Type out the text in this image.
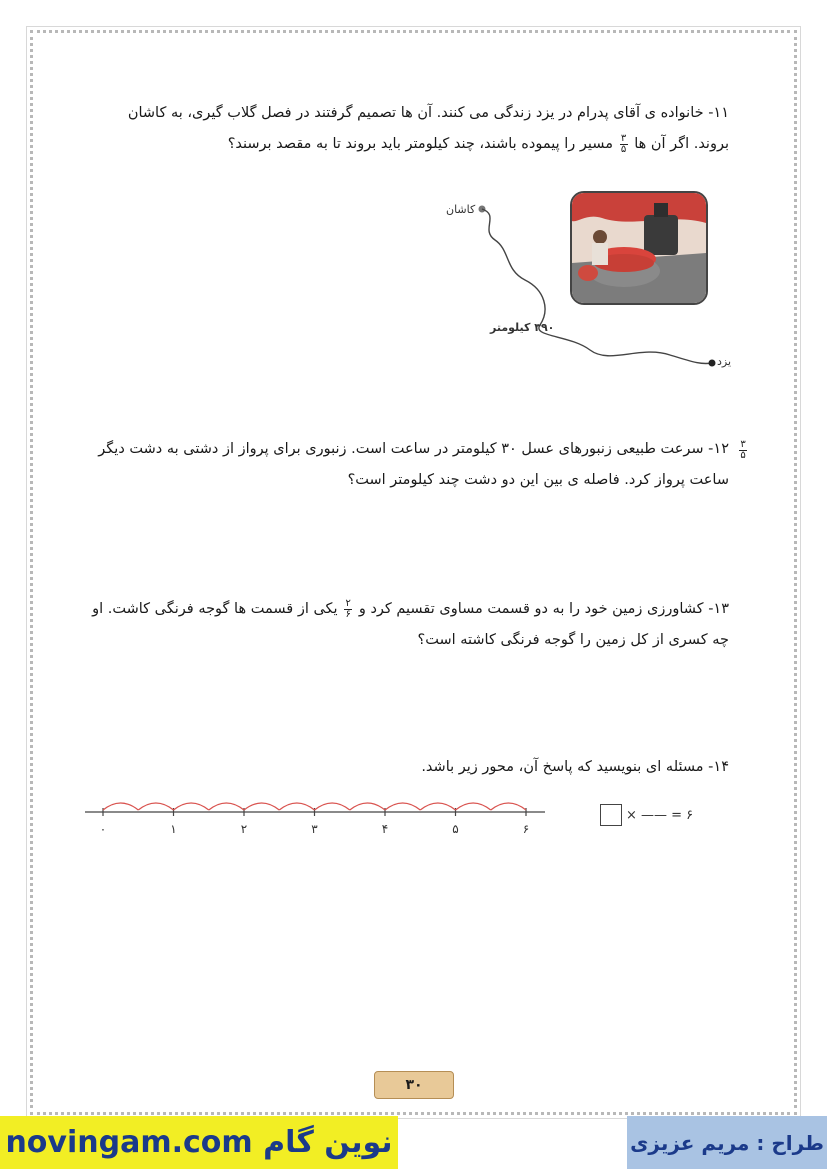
۱۱- خانواده ی آقای پدرام در یزد زندگی می کنند. آن ها تصمیم گرفتند در فصل گلاب گیری، به کاشان
بروند. اگر آن ها
$\frac{۳}{۵}$
مسیر را پیموده باشند، چند کیلومتر باید بروند تا به مقصد برسند؟
کاشان
۳۹۰ کیلومتر
یزد
۳
۵
۱۲- سرعت طبیعی زنبورهای عسل ۳۰ کیلومتر در ساعت است. زنبوری برای پرواز از دشتی به دشت دیگر
ساعت پرواز کرد. فاصله ی بین این دو دشت چند کیلومتر است؟
۱۳- کشاورزی زمین خود را به دو قسمت مساوی تقسیم کرد و
$\frac{۲}{۶}$
یکی از قسمت ها گوجه فرنگی کاشت. او
چه کسری از کل زمین را گوجه فرنگی کاشته است؟
۱۴- مسئله ای بنویسید که پاسخ آن، محور زیر باشد.
۰	۱	۲	۳	۴	۵	۶
× —— = ۶
۳۰
novingam.com نوین گام	طراح : مریم عزیزی
